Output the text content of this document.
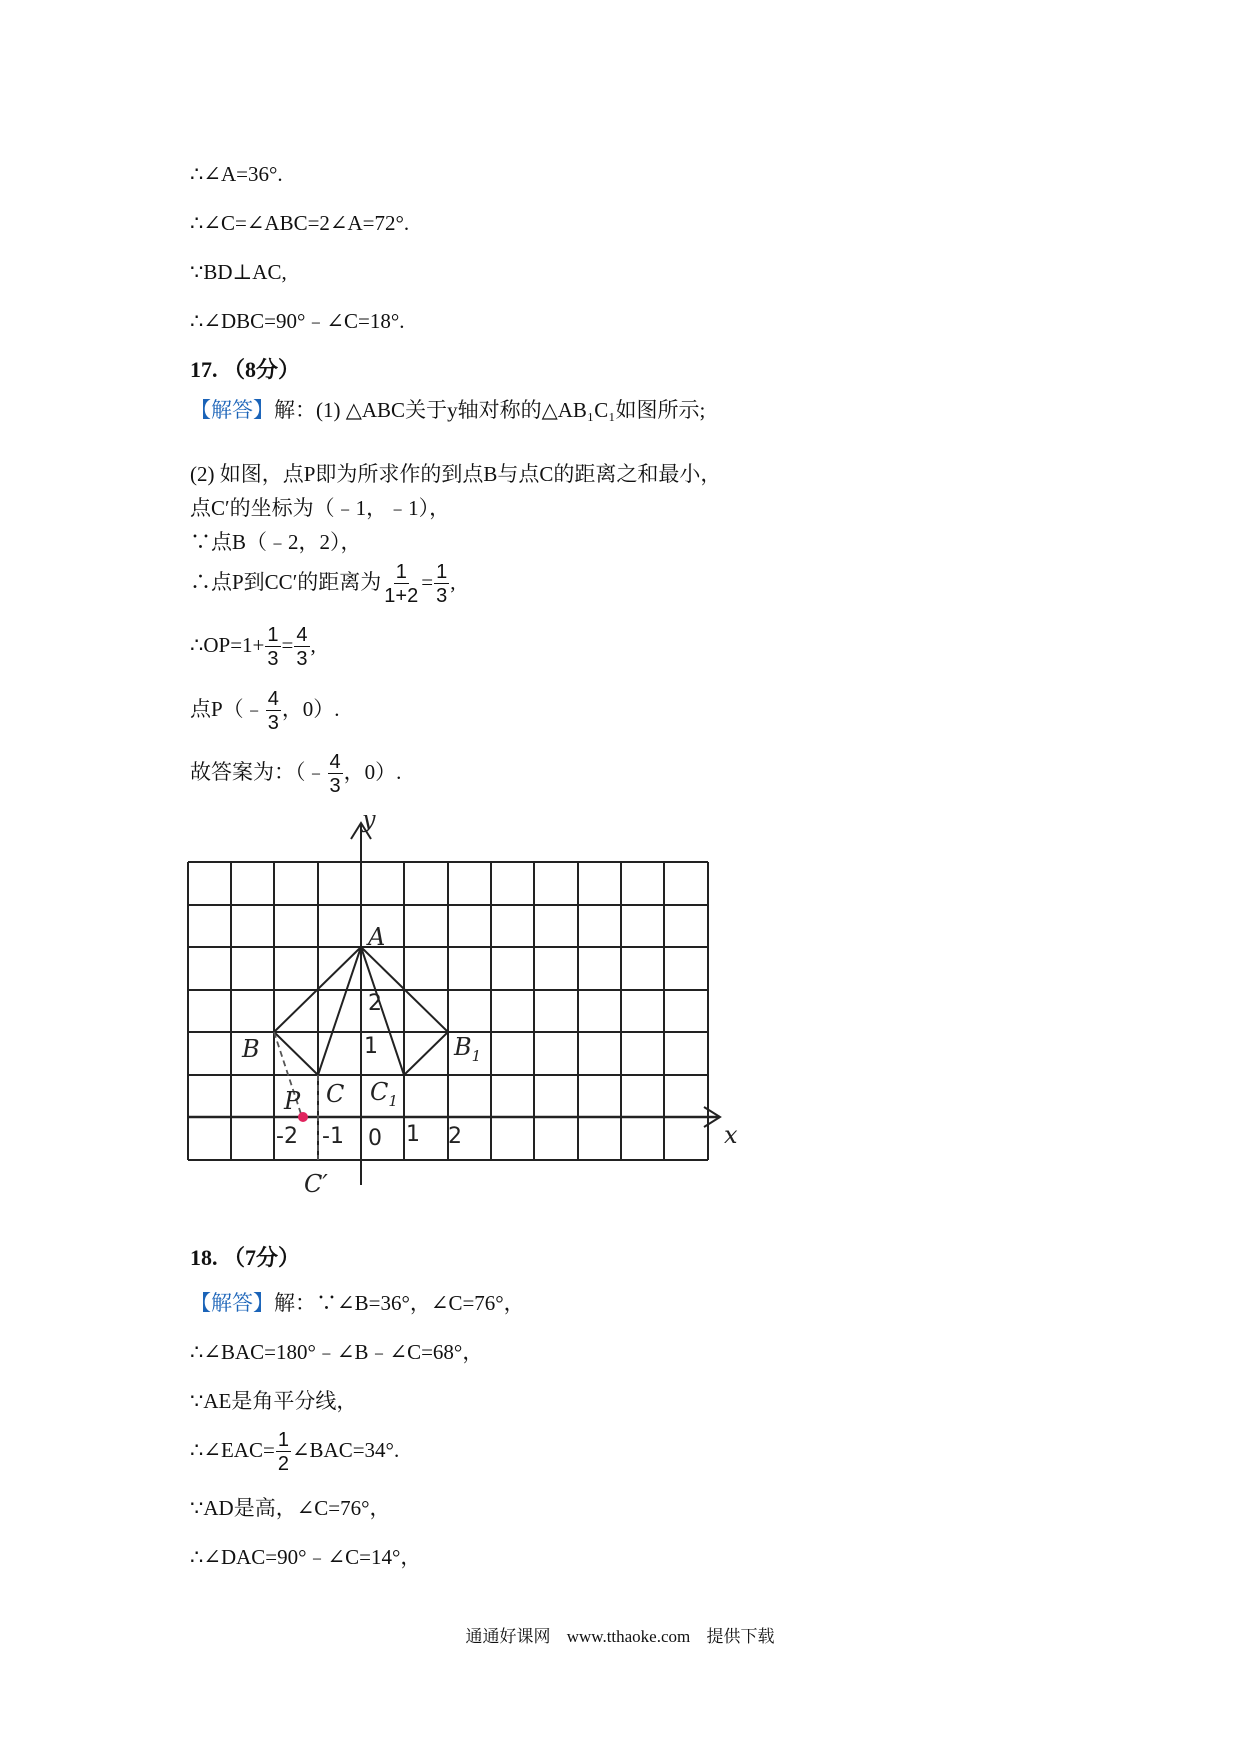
∴∠A=36°.
∴∠C=∠ABC=2∠A=72°.
∵BD⊥AC,
∴∠DBC=90°﹣∠C=18°.
17. （8分）
【解答】解：(1) △ABC关于y轴对称的△AB₁C₁如图所示;
(2) 如图，点P即为所求作的到点B与点C的距离之和最小，
点C′的坐标为（﹣1，﹣1），
∵点B（﹣2，2），
∴点P到CC′的距离为 $\frac{1}{1+2} = \frac{1}{3}$ ,
∴OP=1+ $\frac{1}{3} = \frac{4}{3}$ ,
点P（﹣ $\frac{4}{3}$ ，0）.
故答案为：（﹣ $\frac{4}{3}$ ，0）.
y
x
A
B	$B_1$
C $C_1$
P
C′
2
1
0 1 2
-1
-2
18. （7分）
【解答】解：∵∠B=36°，∠C=76°，
∴∠BAC=180°﹣∠B﹣∠C=68°，
∵AE是角平分线，
∴∠EAC= $\frac{1}{2}$ ∠BAC=34°.
∵AD是高，∠C=76°，
∴∠DAC=90°﹣∠C=14°，
通通好课网 www.tthaoke.com 提供下载
